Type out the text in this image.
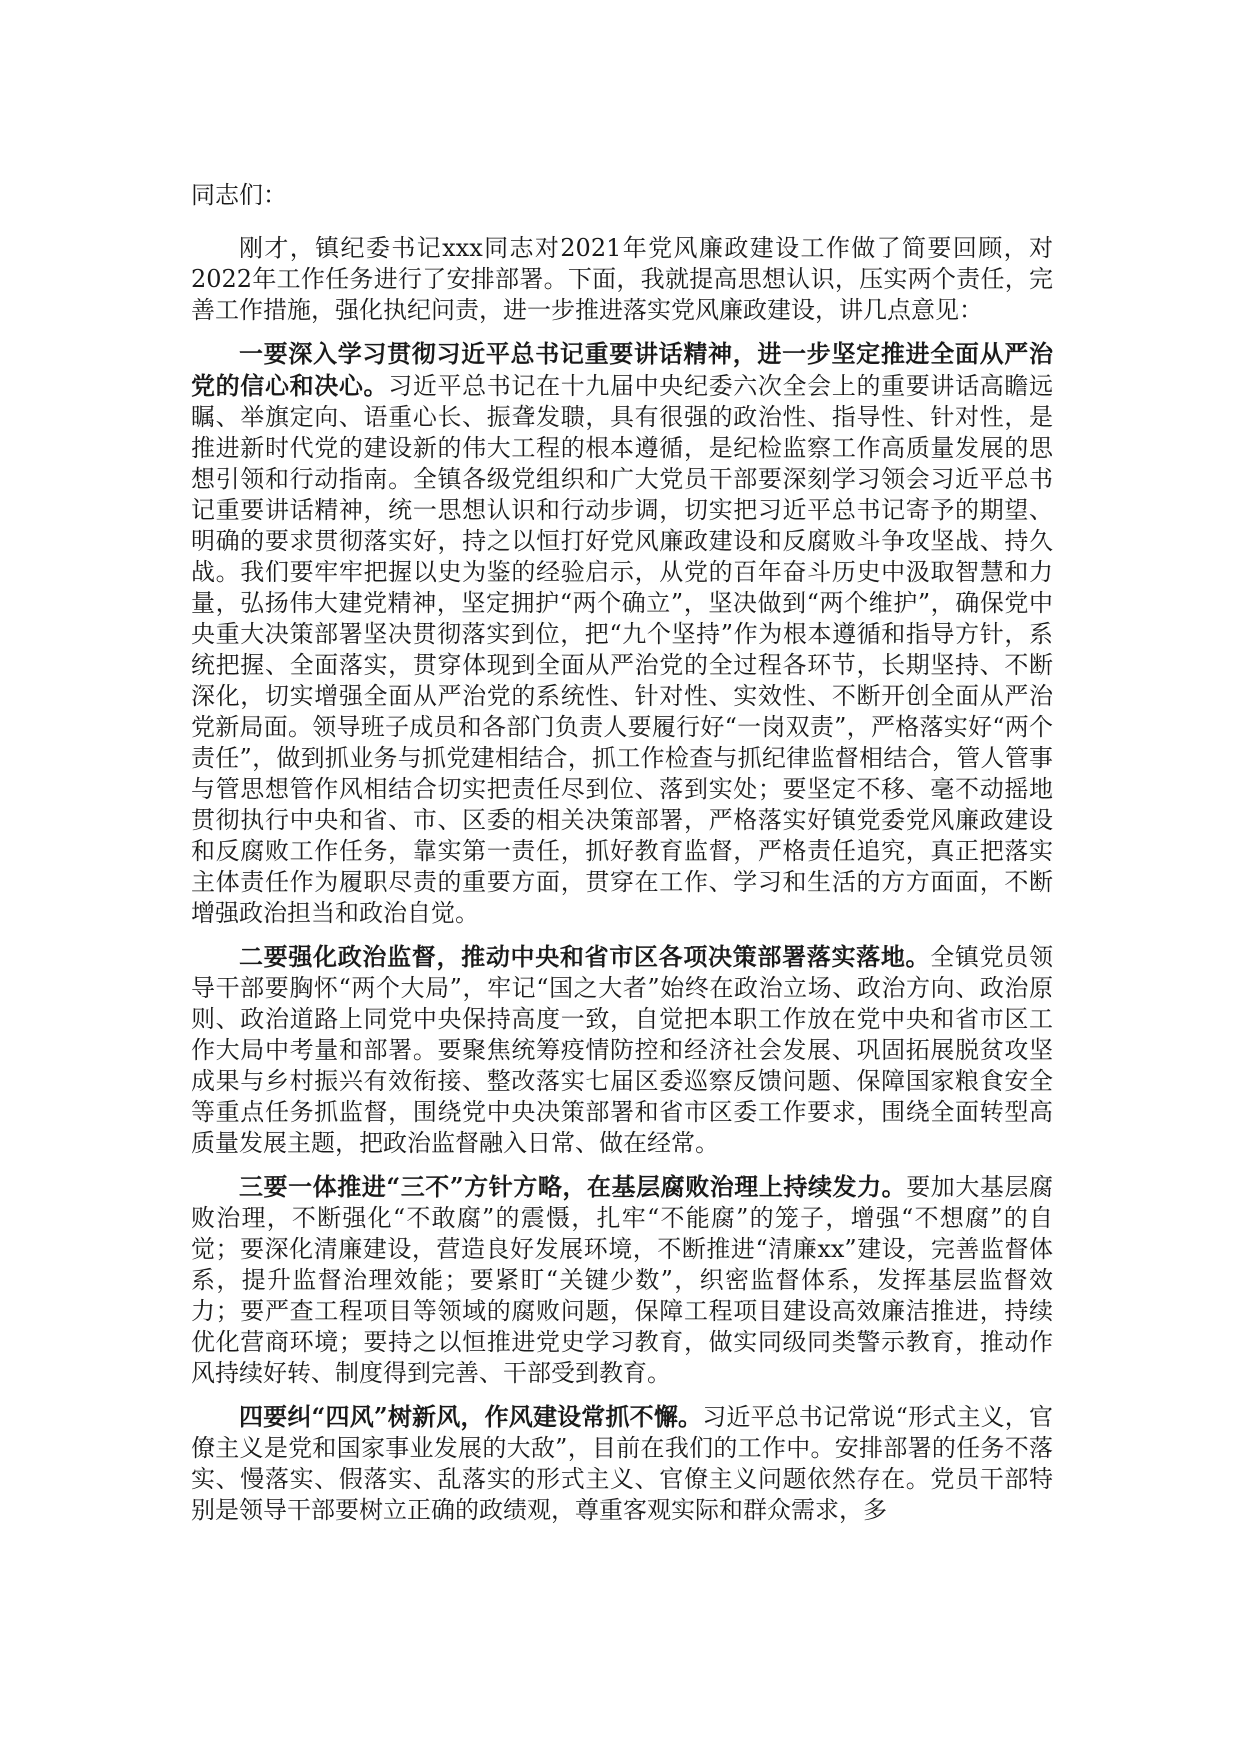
同志们：

刚才，镇纪委书记xxx同志对2021年党风廉政建设工作做了简要回顾，对2022年工作任务进行了安排部署。下面，我就提高思想认识，压实两个责任，完善工作措施，强化执纪问责，进一步推进落实党风廉政建设，讲几点意见：

一要深入学习贯彻习近平总书记重要讲话精神，进一步坚定推进全面从严治党的信心和决心。习近平总书记在十九届中央纪委六次全会上的重要讲话高瞻远瞩、举旗定向、语重心长、振聋发聩，具有很强的政治性、指导性、针对性，是推进新时代党的建设新的伟大工程的根本遵循，是纪检监察工作高质量发展的思想引领和行动指南。全镇各级党组织和广大党员干部要深刻学习领会习近平总书记重要讲话精神，统一思想认识和行动步调，切实把习近平总书记寄予的期望、明确的要求贯彻落实好，持之以恒打好党风廉政建设和反腐败斗争攻坚战、持久战。我们要牢牢把握以史为鉴的经验启示，从党的百年奋斗历史中汲取智慧和力量，弘扬伟大建党精神，坚定拥护“两个确立”，坚决做到“两个维护”，确保党中央重大决策部署坚决贯彻落实到位，把“九个坚持”作为根本遵循和指导方针，系统把握、全面落实，贯穿体现到全面从严治党的全过程各环节，长期坚持、不断深化，切实增强全面从严治党的系统性、针对性、实效性、不断开创全面从严治党新局面。领导班子成员和各部门负责人要履行好“一岗双责”，严格落实好“两个责任”，做到抓业务与抓党建相结合，抓工作检查与抓纪律监督相结合，管人管事与管思想管作风相结合切实把责任尽到位、落到实处；要坚定不移、毫不动摇地贯彻执行中央和省、市、区委的相关决策部署，严格落实好镇党委党风廉政建设和反腐败工作任务，靠实第一责任，抓好教育监督，严格责任追究，真正把落实主体责任作为履职尽责的重要方面，贯穿在工作、学习和生活的方方面面，不断增强政治担当和政治自觉。

二要强化政治监督，推动中央和省市区各项决策部署落实落地。全镇党员领导干部要胸怀“两个大局”，牢记“国之大者”始终在政治立场、政治方向、政治原则、政治道路上同党中央保持高度一致，自觉把本职工作放在党中央和省市区工作大局中考量和部署。要聚焦统筹疫情防控和经济社会发展、巩固拓展脱贫攻坚成果与乡村振兴有效衔接、整改落实七届区委巡察反馈问题、保障国家粮食安全等重点任务抓监督，围绕党中央决策部署和省市区委工作要求，围绕全面转型高质量发展主题，把政治监督融入日常、做在经常。

三要一体推进“三不”方针方略，在基层腐败治理上持续发力。要加大基层腐败治理，不断强化“不敢腐”的震慑，扎牢“不能腐”的笼子，增强“不想腐”的自觉；要深化清廉建设，营造良好发展环境，不断推进“清廉xx”建设，完善监督体系，提升监督治理效能；要紧盯“关键少数”，织密监督体系，发挥基层监督效力；要严查工程项目等领域的腐败问题，保障工程项目建设高效廉洁推进，持续优化营商环境；要持之以恒推进党史学习教育，做实同级同类警示教育，推动作风持续好转、制度得到完善、干部受到教育。

四要纠“四风”树新风，作风建设常抓不懈。习近平总书记常说“形式主义，官僚主义是党和国家事业发展的大敌”，目前在我们的工作中。安排部署的任务不落实、慢落实、假落实、乱落实的形式主义、官僚主义问题依然存在。党员干部特别是领导干部要树立正确的政绩观，尊重客观实际和群众需求，多
